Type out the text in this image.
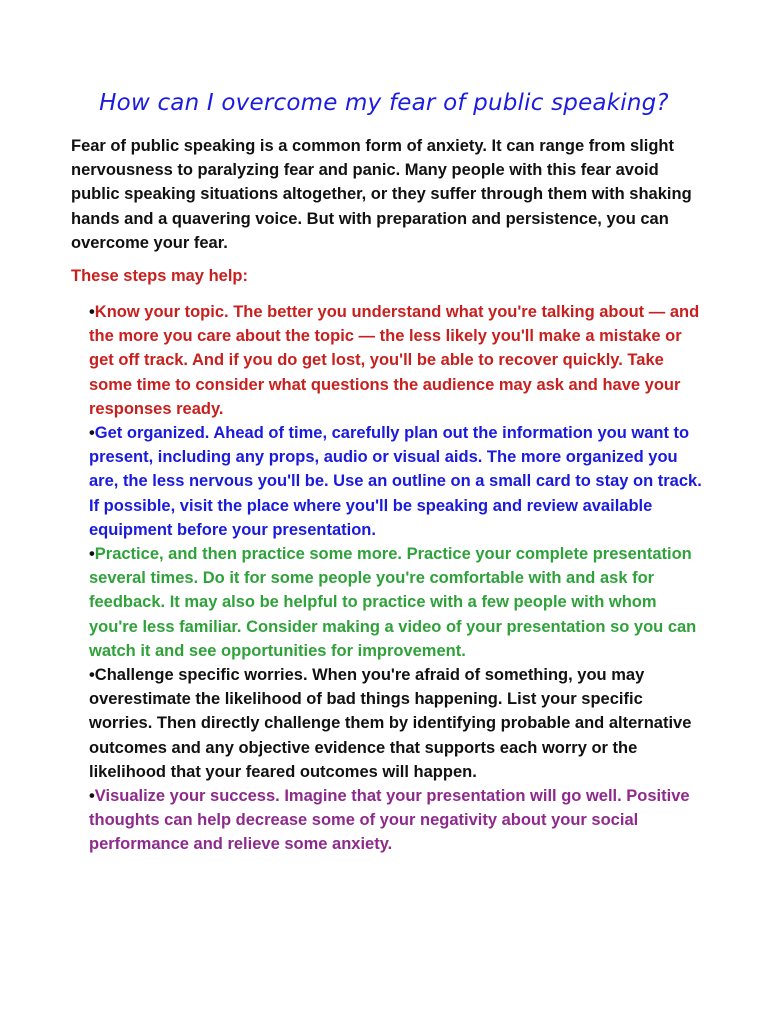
How can I overcome my fear of public speaking?

Fear of public speaking is a common form of anxiety. It can range from slight nervousness to paralyzing fear and panic. Many people with this fear avoid public speaking situations altogether, or they suffer through them with shaking hands and a quavering voice. But with preparation and persistence, you can overcome your fear.

These steps may help:

•Know your topic. The better you understand what you're talking about — and the more you care about the topic — the less likely you'll make a mistake or get off track. And if you do get lost, you'll be able to recover quickly. Take some time to consider what questions the audience may ask and have your responses ready.
•Get organized. Ahead of time, carefully plan out the information you want to present, including any props, audio or visual aids. The more organized you are, the less nervous you'll be. Use an outline on a small card to stay on track. If possible, visit the place where you'll be speaking and review available equipment before your presentation.
•Practice, and then practice some more. Practice your complete presentation several times. Do it for some people you're comfortable with and ask for feedback. It may also be helpful to practice with a few people with whom you're less familiar. Consider making a video of your presentation so you can watch it and see opportunities for improvement.
•Challenge specific worries. When you're afraid of something, you may overestimate the likelihood of bad things happening. List your specific worries. Then directly challenge them by identifying probable and alternative outcomes and any objective evidence that supports each worry or the likelihood that your feared outcomes will happen.
•Visualize your success. Imagine that your presentation will go well. Positive thoughts can help decrease some of your negativity about your social performance and relieve some anxiety.
